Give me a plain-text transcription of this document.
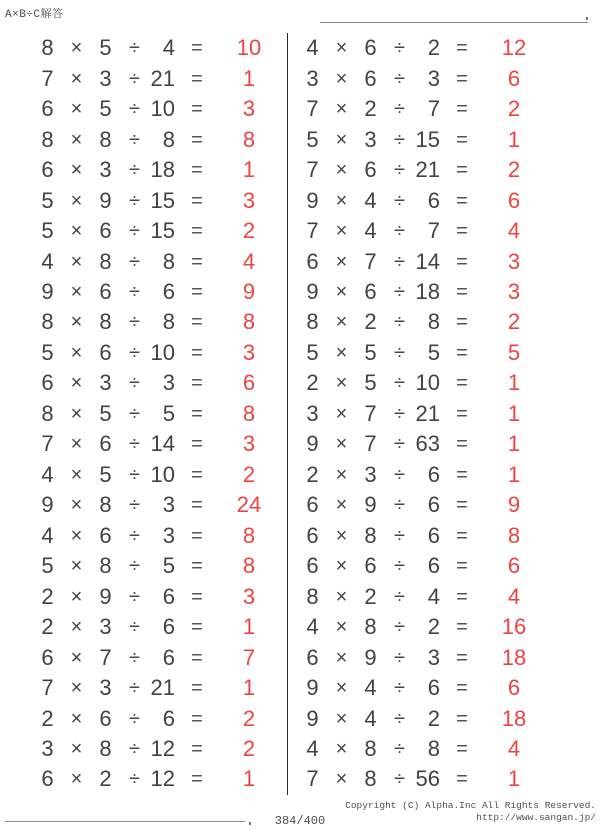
A×B÷C解答
8 × 5 ÷	4 =	10
7 × 3 ÷ 21 =	1
6 × 5 ÷ 10 =	3
8 × 8 ÷	8 =	8
6 × 3 ÷ 18 =	1
5 × 9 ÷ 15 =	3
5 × 6 ÷ 15 =	2
4 × 8 ÷	8 =	4
9 × 6 ÷	6 =	9
8 × 8 ÷	8 =	8
5 × 6 ÷ 10 =	3
6 × 3 ÷	3 =	6
8 × 5 ÷	5 =	8
7 × 6 ÷ 14 =	3
4 × 5 ÷ 10 =	2
9 × 8 ÷	3 =	24
4 × 6 ÷	3 =	8
5 × 8 ÷	5 =	8
2 × 9 ÷	6 =	3
2 × 3 ÷	6 =	1
6 × 7 ÷	6 =	7
7 × 3 ÷ 21 =	1
2 × 6 ÷	6 =	2
3 × 8 ÷ 12 =	2
6 × 2 ÷ 12 =	1
4 × 6 ÷	2 =	12
3 × 6 ÷	3 =	6
7 × 2 ÷	7 =	2
5 × 3 ÷ 15 =	1
7 × 6 ÷ 21 =	2
9 × 4 ÷	6 =	6
7 × 4 ÷	7 =	4
6 × 7 ÷ 14 =	3
9 × 6 ÷ 18 =	3
8 × 2 ÷	8 =	2
5 × 5 ÷	5 =	5
2 × 5 ÷ 10 =	1
3 × 7 ÷ 21 =	1
9 × 7 ÷ 63 =	1
2 × 3 ÷	6 =	1
6 × 9 ÷	6 =	9
6 × 8 ÷	6 =	8
6 × 6 ÷	6 =	6
8 × 2 ÷	4 =	4
4 × 8 ÷	2 =	16
6 × 9 ÷	3 =	18
9 × 4 ÷	6 =	6
9 × 4 ÷	2 =	18
4 × 8 ÷	8 =	4
7 × 8 ÷ 56 =	1
384/400
Copyright (C) Alpha.Inc All Rights Reserved.
http://www.sangan.jp/
